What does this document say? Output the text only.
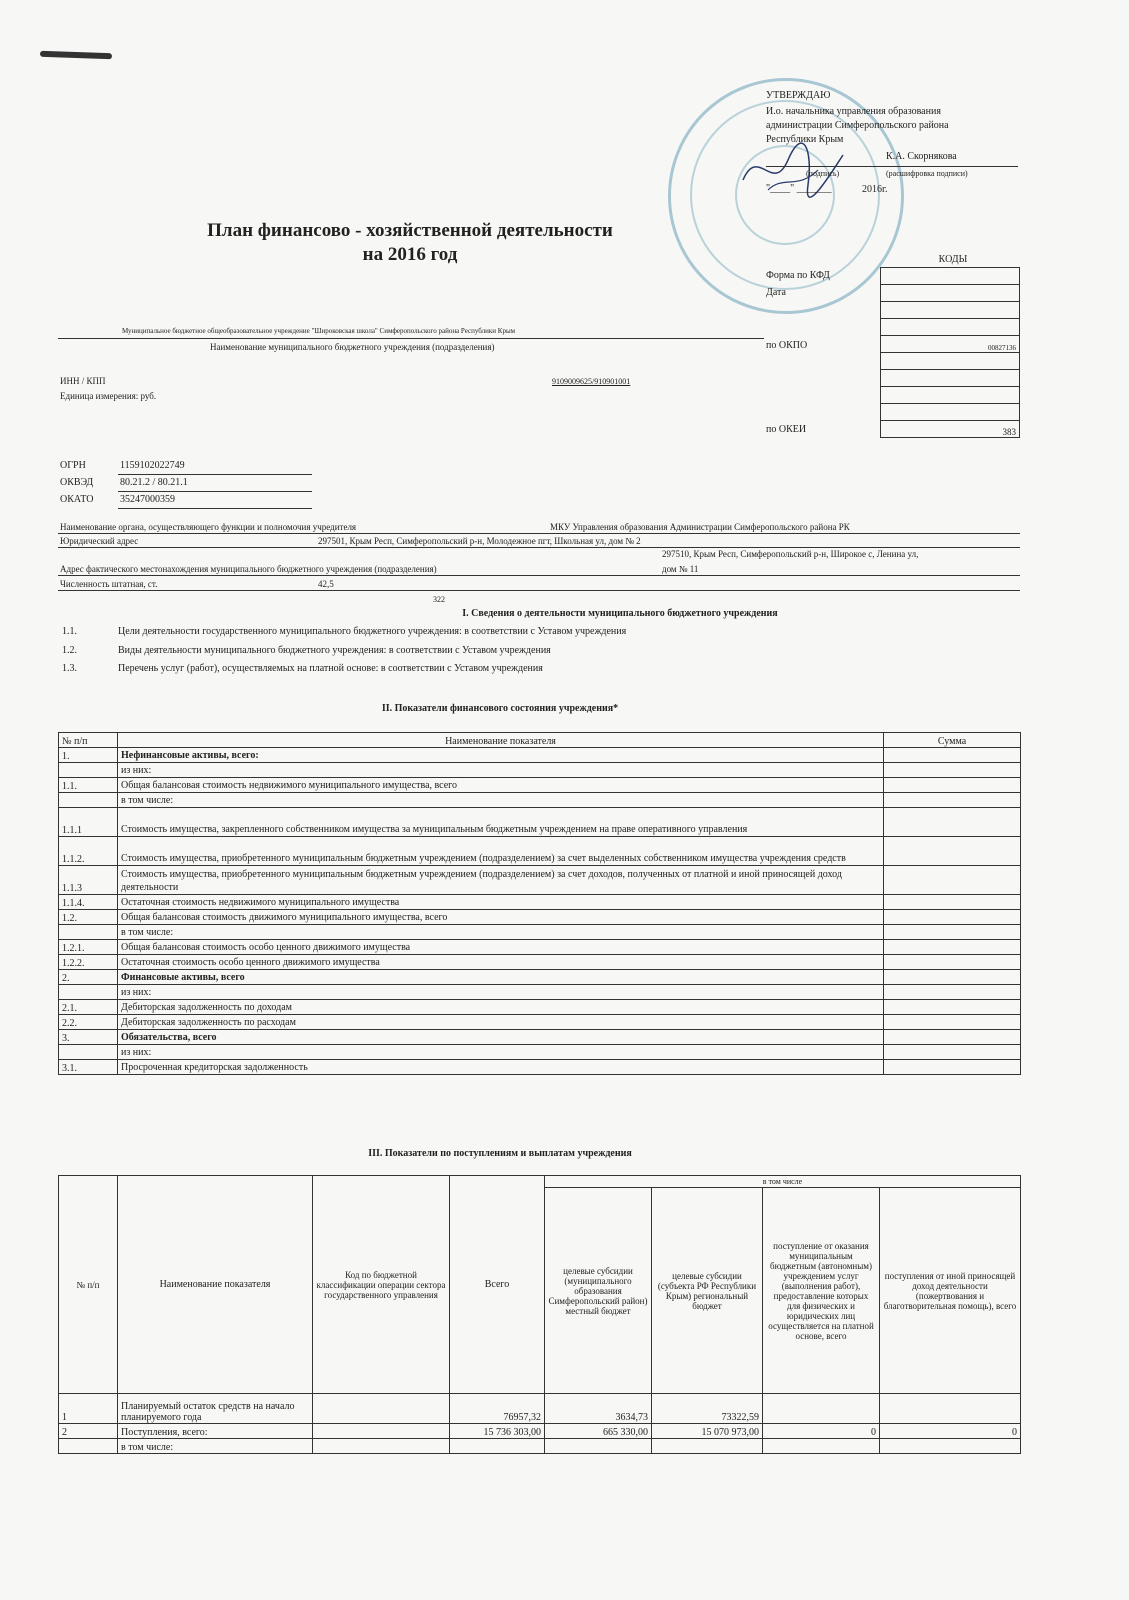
УТВЕРЖДАЮ
И.о. начальника управления образования
администрации Симферопольского района
Республики Крым
К.А. Скорнякова
(подпись)	(расшифровка подписи)
"____" _______	2016г.
План финансово - хозяйственной деятельности
на 2016 год	КОДЫ
Форма по КФД
Дата

00827136

383
Муниципальное бюджетное общеобразовательное учреждение "Широковская школа" Симферопольского района Республики Крым
Наименование муниципального бюджетного учреждения (подразделения)	по ОКПО
ИНН / КПП	9109009625/910901001
Единица измерения: руб.
по ОКЕИ
ОГРН	1159102022749
ОКВЭД	80.21.2 / 80.21.1
ОКАТО	35247000359
Наименование органа, осуществляющего функции и полномочия учредителя	МКУ Управления образования Администрации Симферопольского района РК
Юридический адрес	297501, Крым Респ, Симферопольский р-н, Молодежное пгт, Школьная ул, дом № 2
297510, Крым Респ, Симферопольский р-н, Широкое с, Ленина ул,
Адрес фактического местонахождения муниципального бюджетного учреждения (подразделения)	дом № 11
Численность штатная, ст.	42,5
322
I. Сведения о деятельности муниципального бюджетного учреждения
1.1.	Цели деятельности государственного муниципального бюджетного учреждения: в соответствии с Уставом учреждения
1.2.	Виды деятельности муниципального бюджетного учреждения: в соответствии с Уставом учреждения
1.3.	Перечень услуг (работ), осуществляемых на платной основе: в соответствии с Уставом учреждения
II. Показатели финансового состояния учреждения*
№ п/п	Наименование показателя	Сумма
1.	Нефинансовые активы, всего:	
	из них:	
1.1.	Общая балансовая стоимость недвижимого муниципального имущества, всего	
	в том числе:	
1.1.1	Стоимость имущества, закрепленного собственником имущества за муниципальным бюджетным учреждением на праве оперативного управления	
1.1.2.	Стоимость имущества, приобретенного муниципальным бюджетным учреждением (подразделением) за счет выделенных собственником имущества учреждения средств	
1.1.3	Стоимость имущества, приобретенного муниципальным бюджетным учреждением (подразделением) за счет доходов, полученных от платной и иной приносящей доход деятельности	
1.1.4.	Остаточная стоимость недвижимого муниципального имущества	
1.2.	Общая балансовая стоимость движимого муниципального имущества, всего	
	в том числе:	
1.2.1.	Общая балансовая стоимость особо ценного движимого имущества	
1.2.2.	Остаточная стоимость особо ценного движимого имущества	
2.	Финансовые активы, всего	
	из них:	
2.1.	Дебиторская задолженность по доходам	
2.2.	Дебиторская задолженность по расходам	
3.	Обязательства, всего	
	из них:	
3.1.	Просроченная кредиторская задолженность	
III. Показатели по поступлениям и выплатам учреждения
№ п/п	Наименование показателя	Код по бюджетной классификации операции сектора государственного управления	Всего	в том числе			
				целевые субсидии (муниципального образования Симферопольский район) местный бюджет	целевые субсидии (субъекта РФ Республики Крым) региональный бюджет	поступление от оказания муниципальным бюджетным (автономным) учреждением услуг (выполнения работ), предоставление которых для физических и юридических лиц осуществляется на платной основе, всего	поступления от иной приносящей доход деятельности (пожертвования и благотворительная помощь), всего
1	Планируемый остаток средств на начало планируемого года		76957,32	3634,73	73322,59		
2	Поступления, всего:		15 736 303,00	665 330,00	15 070 973,00	0	0
	в том числе:						
